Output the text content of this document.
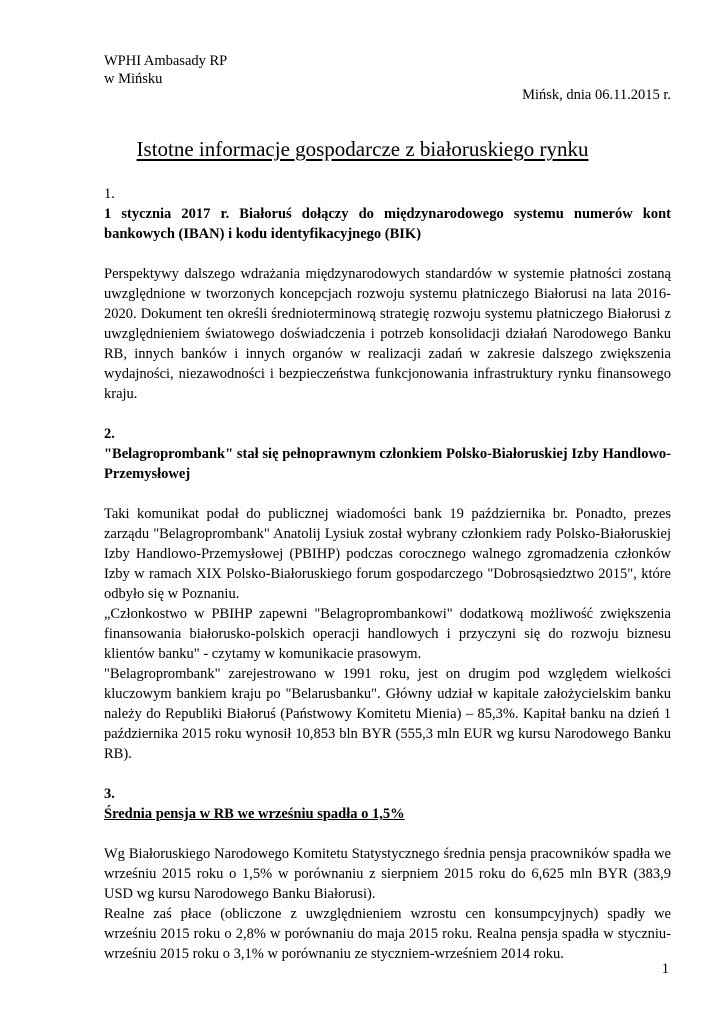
WPHI Ambasady RP
w Mińsku
Mińsk, dnia 06.11.2015 r.
Istotne informacje gospodarcze z białoruskiego rynku

1.

1 stycznia 2017 r. Białoruś dołączy do międzynarodowego systemu numerów kont bankowych (IBAN) i kodu identyfikacyjnego (BIK)

Perspektywy dalszego wdrażania międzynarodowych standardów w systemie płatności zostaną uwzględnione w tworzonych koncepcjach rozwoju systemu płatniczego Białorusi na lata 2016-2020. Dokument ten określi średnioterminową strategię rozwoju systemu płatniczego Białorusi z uwzględnieniem światowego doświadczenia i potrzeb konsolidacji działań Narodowego Banku RB, innych banków i innych organów w realizacji zadań w zakresie dalszego zwiększenia wydajności, niezawodności i bezpieczeństwa funkcjonowania infrastruktury rynku finansowego kraju.

2.

"Belagroprombank" stał się pełnoprawnym członkiem Polsko-Białoruskiej Izby Handlowo-Przemysłowej

Taki komunikat podał do publicznej wiadomości bank 19 października br. Ponadto, prezes zarządu "Belagroprombank" Anatolij Lysiuk został wybrany członkiem rady Polsko-Białoruskiej Izby Handlowo-Przemysłowej (PBIHP) podczas corocznego walnego zgromadzenia członków Izby w ramach XIX Polsko-Białoruskiego forum gospodarczego "Dobrosąsiedztwo 2015", które odbyło się w Poznaniu.

„Członkostwo w PBIHP zapewni "Belagroprombankowi" dodatkową możliwość zwiększenia finansowania białorusko-polskich operacji handlowych i przyczyni się do rozwoju biznesu klientów banku" - czytamy w komunikacie prasowym.

"Belagroprombank" zarejestrowano w 1991 roku, jest on drugim pod względem wielkości kluczowym bankiem kraju po "Belarusbanku". Główny udział w kapitale założycielskim banku należy do Republiki Białoruś (Państwowy Komitetu Mienia) – 85,3%. Kapitał banku na dzień 1 października 2015 roku wynosił 10,853 bln BYR (555,3 mln EUR wg kursu Narodowego Banku RB).

3.

Średnia pensja w RB we wrześniu spadła o 1,5%

Wg Białoruskiego Narodowego Komitetu Statystycznego średnia pensja pracowników spadła we wrześniu 2015 roku o 1,5% w porównaniu z sierpniem 2015 roku do 6,625 mln BYR (383,9 USD wg kursu Narodowego Banku Białorusi).

Realne zaś płace (obliczone z uwzględnieniem wzrostu cen konsumpcyjnych) spadły we wrześniu 2015 roku o 2,8% w porównaniu do maja 2015 roku. Realna pensja spadła w styczniu-wrześniu 2015 roku o 3,1% w porównaniu ze styczniem-wrześniem 2014 roku.

1
